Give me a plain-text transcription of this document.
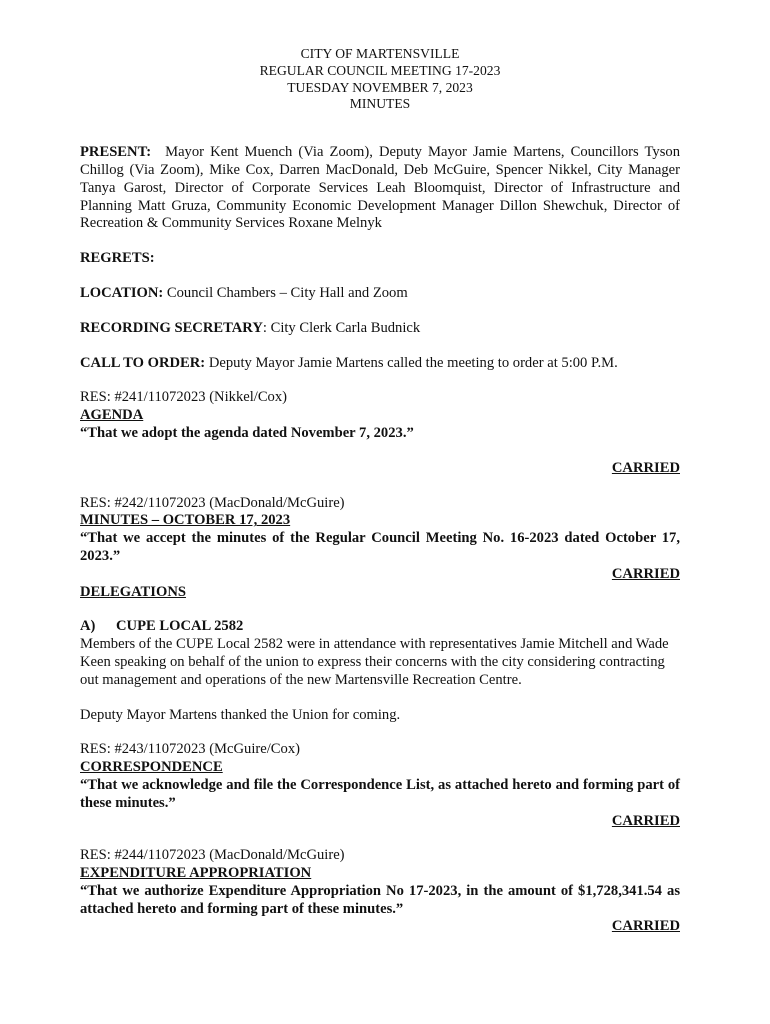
CITY OF MARTENSVILLE
REGULAR COUNCIL MEETING 17-2023
TUESDAY NOVEMBER 7, 2023
MINUTES

PRESENT: Mayor Kent Muench (Via Zoom), Deputy Mayor Jamie Martens, Councillors Tyson Chillog (Via Zoom), Mike Cox, Darren MacDonald, Deb McGuire, Spencer Nikkel, City Manager Tanya Garost, Director of Corporate Services Leah Bloomquist, Director of Infrastructure and Planning Matt Gruza, Community Economic Development Manager Dillon Shewchuk, Director of Recreation & Community Services Roxane Melnyk

REGRETS:

LOCATION: Council Chambers – City Hall and Zoom

RECORDING SECRETARY: City Clerk Carla Budnick

CALL TO ORDER: Deputy Mayor Jamie Martens called the meeting to order at 5:00 P.M.

RES: #241/11072023 (Nikkel/Cox)

AGENDA

“That we adopt the agenda dated November 7, 2023.”

CARRIED

RES: #242/11072023 (MacDonald/McGuire)

MINUTES – OCTOBER 17, 2023

“That we accept the minutes of the Regular Council Meeting No. 16-2023 dated October 17, 2023.”

CARRIED

DELEGATIONS

A) CUPE LOCAL 2582

Members of the CUPE Local 2582 were in attendance with representatives Jamie Mitchell and Wade Keen speaking on behalf of the union to express their concerns with the city considering contracting out management and operations of the new Martensville Recreation Centre.

Deputy Mayor Martens thanked the Union for coming.

RES: #243/11072023 (McGuire/Cox)

CORRESPONDENCE

“That we acknowledge and file the Correspondence List, as attached hereto and forming part of these minutes.”

CARRIED

RES: #244/11072023 (MacDonald/McGuire)

EXPENDITURE APPROPRIATION

“That we authorize Expenditure Appropriation No 17-2023, in the amount of $1,728,341.54 as attached hereto and forming part of these minutes.”

CARRIED
